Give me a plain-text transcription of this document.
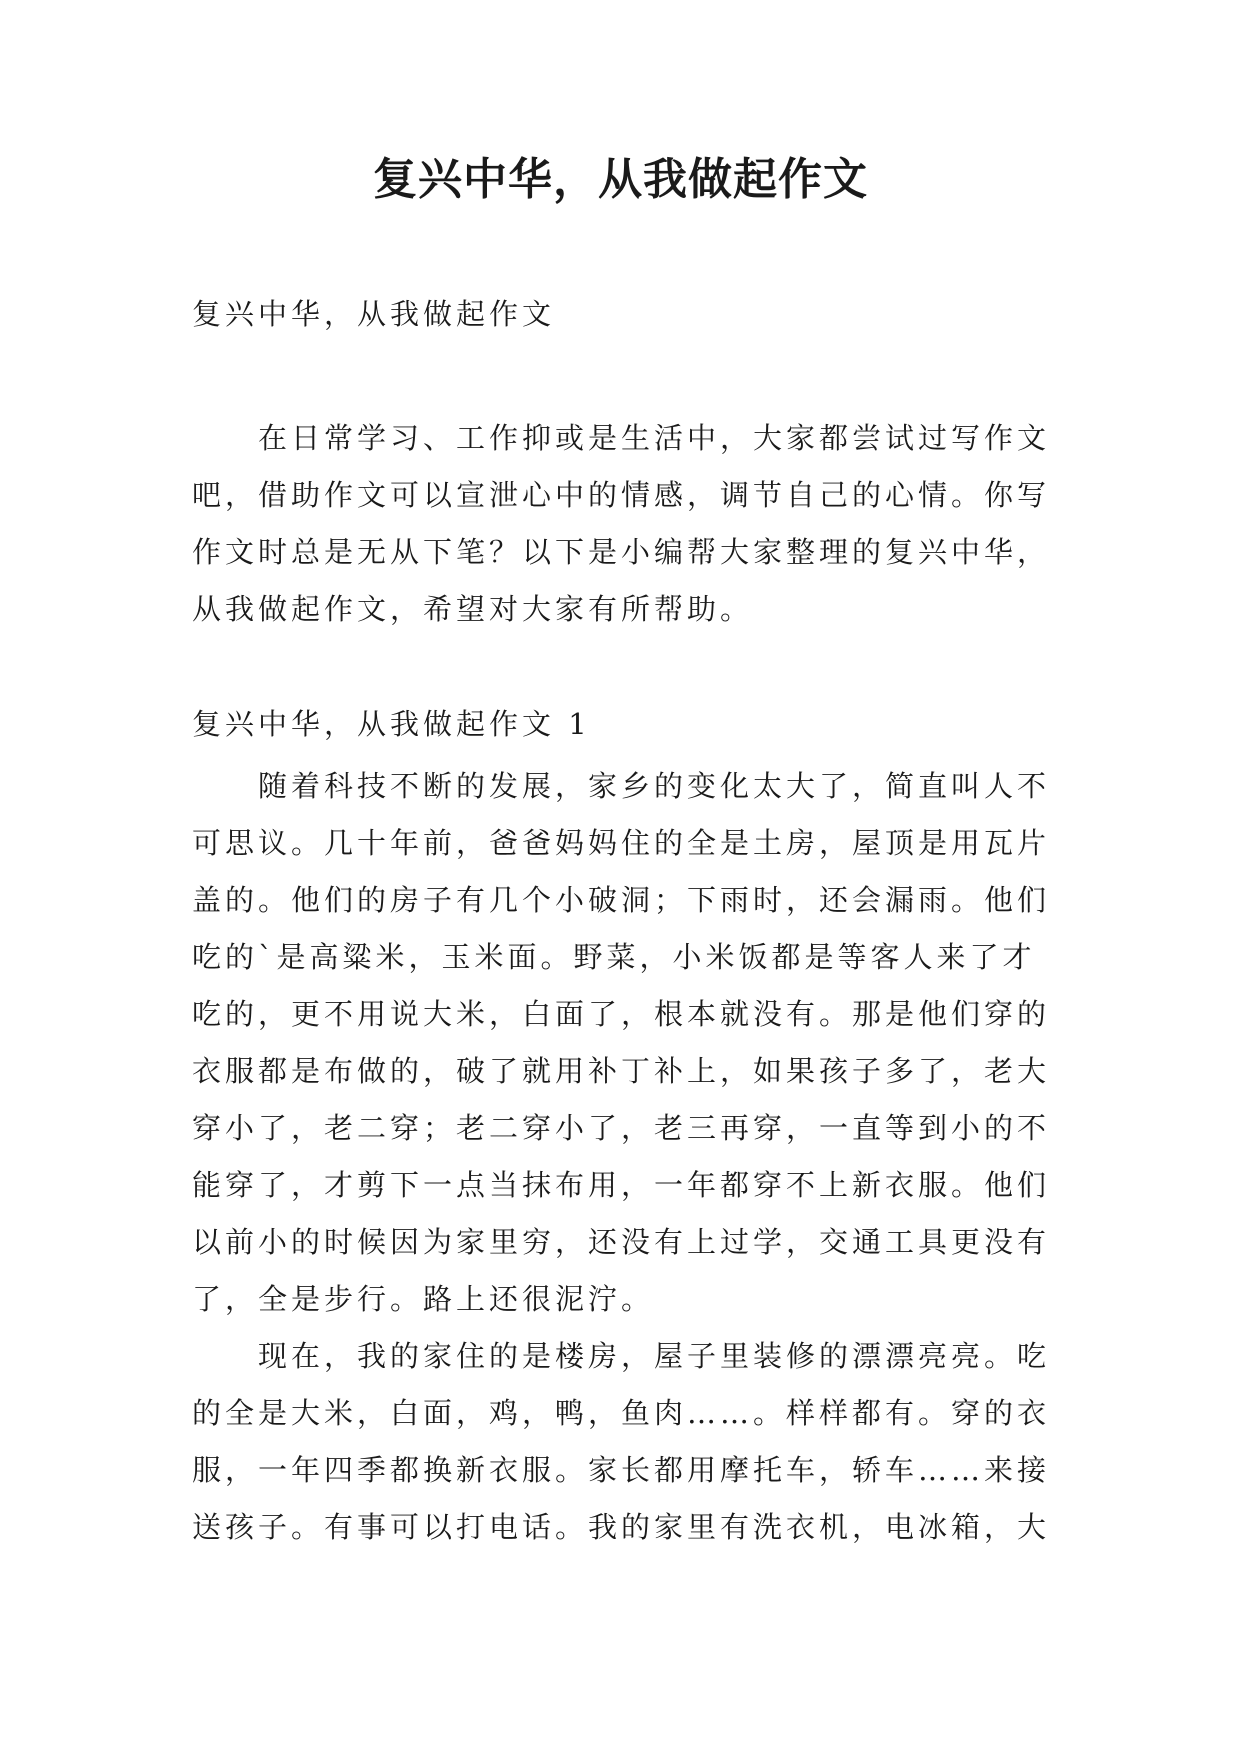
复兴中华，从我做起作文

复兴中华，从我做起作文

在日常学习、工作抑或是生活中，大家都尝试过写作文
吧，借助作文可以宣泄心中的情感，调节自己的心情。你写
作文时总是无从下笔？以下是小编帮大家整理的复兴中华，
从我做起作文，希望对大家有所帮助。

复兴中华，从我做起作文 1

随着科技不断的发展，家乡的变化太大了，简直叫人不
可思议。几十年前，爸爸妈妈住的全是土房，屋顶是用瓦片
盖的。他们的房子有几个小破洞；下雨时，还会漏雨。他们
吃的`是高粱米，玉米面。野菜，小米饭都是等客人来了才
吃的，更不用说大米，白面了，根本就没有。那是他们穿的
衣服都是布做的，破了就用补丁补上，如果孩子多了，老大
穿小了，老二穿；老二穿小了，老三再穿，一直等到小的不
能穿了，才剪下一点当抹布用，一年都穿不上新衣服。他们
以前小的时候因为家里穷，还没有上过学，交通工具更没有
了，全是步行。路上还很泥泞。

现在，我的家住的是楼房，屋子里装修的漂漂亮亮。吃
的全是大米，白面，鸡，鸭，鱼肉……。样样都有。穿的衣
服，一年四季都换新衣服。家长都用摩托车，轿车……来接
送孩子。有事可以打电话。我的家里有洗衣机，电冰箱，大
